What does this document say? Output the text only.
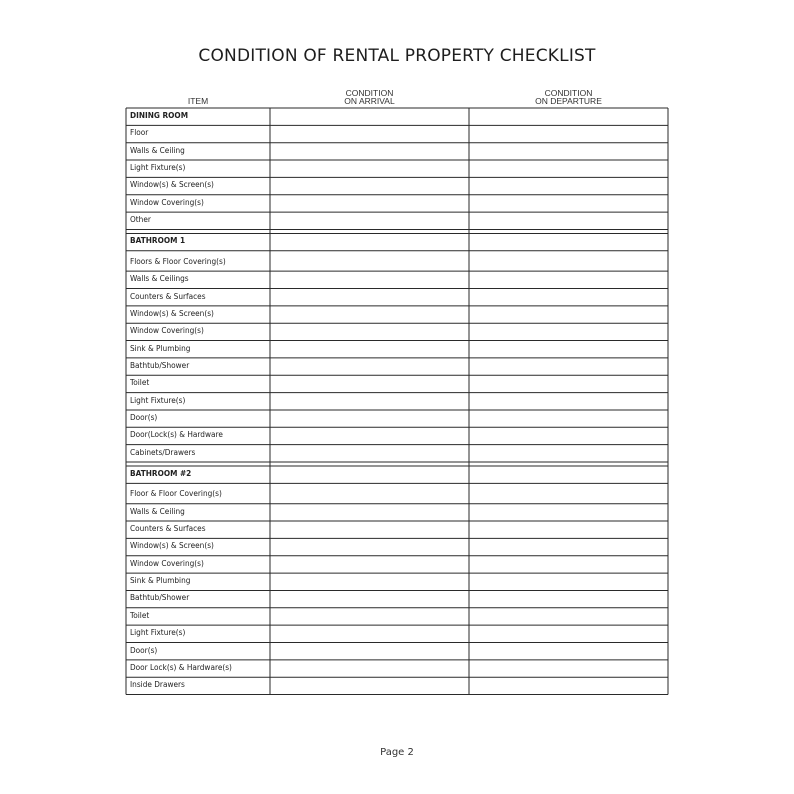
CONDITION OF RENTAL PROPERTY CHECKLIST
ITEM
CONDITION
ON ARRIVAL
CONDITION
ON DEPARTURE
DINING ROOM
Floor
Walls & Ceiling
Light Fixture(s)
Window(s) & Screen(s)
Window Covering(s)
Other
BATHROOM 1
Floors & Floor Covering(s)
Walls & Ceilings
Counters & Surfaces
Window(s) & Screen(s)
Window Covering(s)
Sink & Plumbing
Bathtub/Shower
Toilet
Light Fixture(s)
Door(s)
Door(Lock(s) & Hardware
Cabinets/Drawers
BATHROOM #2
Floor & Floor Covering(s)
Walls & Ceiling
Counters & Surfaces
Window(s) & Screen(s)
Window Covering(s)
Sink & Plumbing
Bathtub/Shower
Toilet
Light Fixture(s)
Door(s)
Door Lock(s) & Hardware(s)
Inside Drawers
Page 2
